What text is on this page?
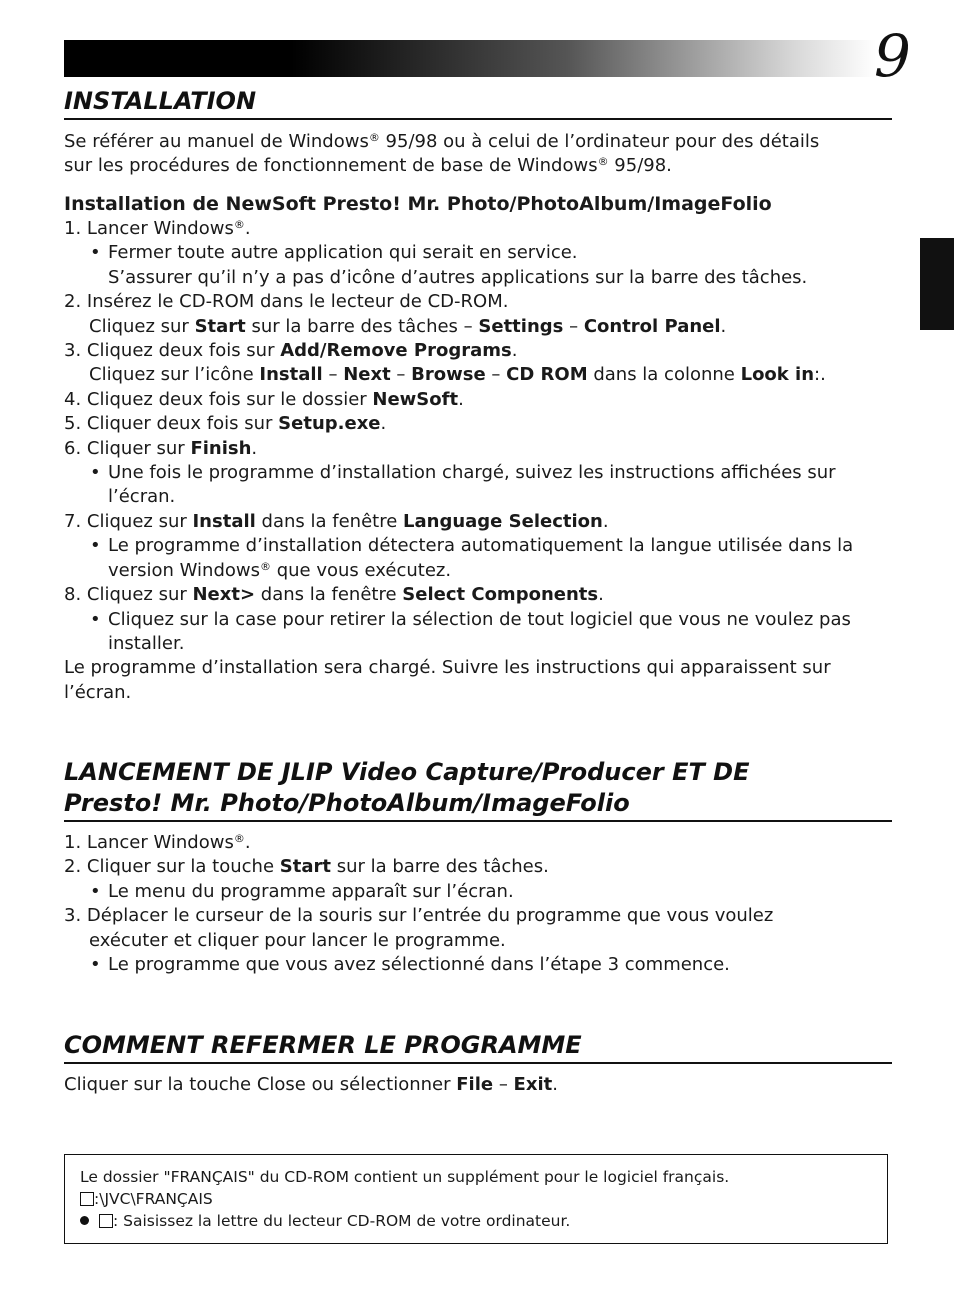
9
INSTALLATION
Se référer au manuel de Windows® 95/98 ou à celui de l’ordinateur pour des détails
sur les procédures de fonctionnement de base de Windows® 95/98.
Installation de NewSoft Presto! Mr. Photo/PhotoAlbum/ImageFolio
1. Lancer Windows®.
• Fermer toute autre application qui serait en service.
S’assurer qu’il n’y a pas d’icône d’autres applications sur la barre des tâches.
2. Insérez le CD-ROM dans le lecteur de CD-ROM.
Cliquez sur Start sur la barre des tâches – Settings – Control Panel.
3. Cliquez deux fois sur Add/Remove Programs.
Cliquez sur l’icône Install – Next – Browse – CD ROM dans la colonne Look in:.
4. Cliquez deux fois sur le dossier NewSoft.
5. Cliquer deux fois sur Setup.exe.
6. Cliquer sur Finish.
• Une fois le programme d’installation chargé, suivez les instructions affichées sur l’écran.
7. Cliquez sur Install dans la fenêtre Language Selection.
• Le programme d’installation détectera automatiquement la langue utilisée dans la version Windows® que vous exécutez.
8. Cliquez sur Next> dans la fenêtre Select Components.
• Cliquez sur la case pour retirer la sélection de tout logiciel que vous ne voulez pas installer.
Le programme d’installation sera chargé. Suivre les instructions qui apparaissent sur
l’écran.
LANCEMENT DE JLIP Video Capture/Producer ET DE
Presto! Mr. Photo/PhotoAlbum/ImageFolio
1. Lancer Windows®.
2. Cliquer sur la touche Start sur la barre des tâches.
• Le menu du programme apparaît sur l’écran.
3. Déplacer le curseur de la souris sur l’entrée du programme que vous voulez
exécuter et cliquer pour lancer le programme.
• Le programme que vous avez sélectionné dans l’étape 3 commence.
COMMENT REFERMER LE PROGRAMME
Cliquer sur la touche Close ou sélectionner File – Exit.
Le dossier "FRANÇAIS" du CD-ROM contient un supplément pour le logiciel français.
:\JVC\FRANÇAIS
: Saisissez la lettre du lecteur CD-ROM de votre ordinateur.
